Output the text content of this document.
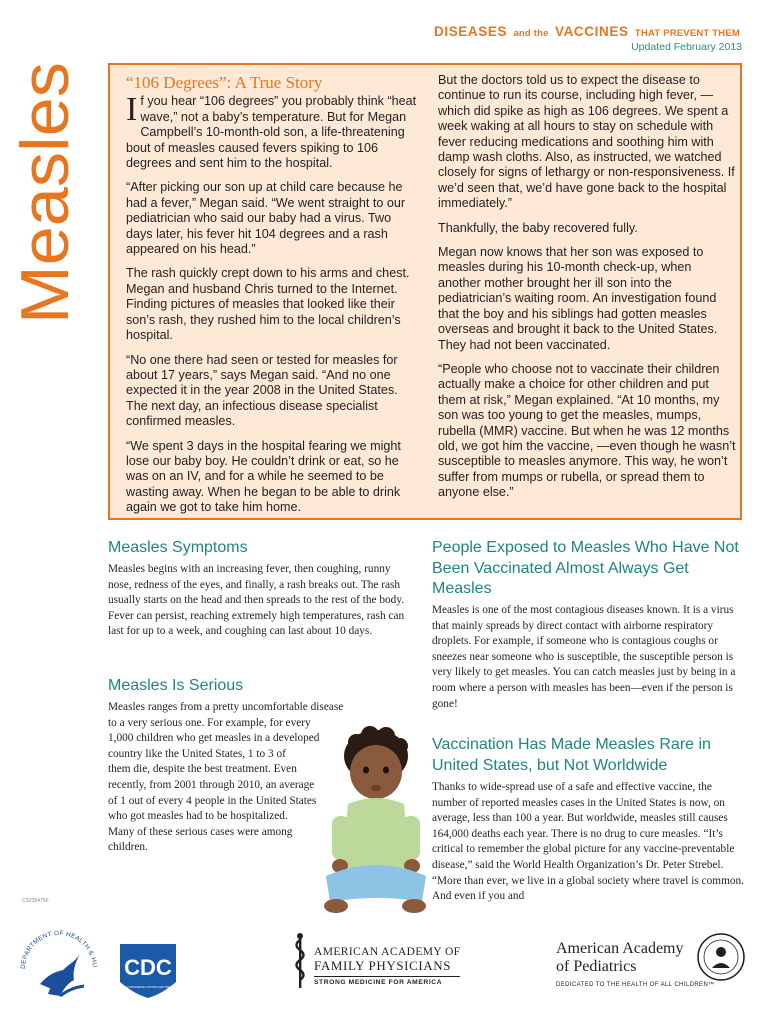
DISEASES and the VACCINES THAT PREVENT THEM
Updated February 2013
Measles	“106 Degrees”: A True Story

If you hear “106 degrees” you probably think “heat wave,” not a baby’s temperature. But for Megan Campbell’s 10-month-old son, a life-threatening bout of measles caused fevers spiking to 106 degrees and sent him to the hospital.

“After picking our son up at child care because he had a fever,” Megan said. “We went straight to our pediatrician who said our baby had a virus. Two days later, his fever hit 104 degrees and a rash appeared on his head.”

The rash quickly crept down to his arms and chest. Megan and husband Chris turned to the Internet. Finding pictures of measles that looked like their son’s rash, they rushed him to the local children’s hospital.

“No one there had seen or tested for measles for about 17 years,” says Megan said. “And no one expected it in the year 2008 in the United States. The next day, an infectious disease specialist confirmed measles.

“We spent 3 days in the hospital fearing we might lose our baby boy. He couldn’t drink or eat, so he was on an IV, and for a while he seemed to be wasting away. When he began to be able to drink again we got to take him home.

But the doctors told us to expect the disease to continue to run its course, including high fever, —which did spike as high as 106 degrees. We spent a week waking at all hours to stay on schedule with fever reducing medications and soothing him with damp wash cloths. Also, as instructed, we watched closely for signs of lethargy or non-responsiveness. If we’d seen that, we’d have gone back to the hospital immediately.”

Thankfully, the baby recovered fully.

Megan now knows that her son was exposed to measles during his 10-month check-up, when another mother brought her ill son into the pediatrician’s waiting room. An investigation found that the boy and his siblings had gotten measles overseas and brought it back to the United States. They had not been vaccinated.

“People who choose not to vaccinate their children actually make a choice for other children and put them at risk,” Megan explained. “At 10 months, my son was too young to get the measles, mumps, rubella (MMR) vaccine. But when he was 12 months old, we got him the vaccine, —even though he wasn’t susceptible to measles anymore. This way, he won’t suffer from mumps or rubella, or spread them to anyone else.”

Measles Symptoms

Measles begins with an increasing fever, then coughing, runny nose, redness of the eyes, and finally, a rash breaks out. The rash usually starts on the head and then spreads to the rest of the body. Fever can persist, reaching extremely high temperatures, rash can last for up to a week, and coughing can last about 10 days.

Measles Is Serious

Measles ranges from a pretty uncomfortable disease

to a very serious one. For example, for every

1,000 children who get measles in a developed

country like the United States, 1 to 3 of

them die, despite the best treatment. Even

recently, from 2001 through 2010, an average

of 1 out of every 4 people in the United States

who got measles had to be hospitalized.

Many of these serious cases were among

children.

People Exposed to Measles Who Have Not Been Vaccinated Almost Always Get Measles

Measles is one of the most contagious diseases known. It is a virus that mainly spreads by direct contact with airborne respiratory droplets. For example, if someone who is contagious coughs or sneezes near someone who is susceptible, the susceptible person is very likely to get measles. You can catch measles just by being in a room where a person with measles has been—even if the person is gone!

Vaccination Has Made Measles Rare in United States, but Not Worldwide

Thanks to wide-spread use of a safe and effective vaccine, the number of reported measles cases in the United States is now, on average, less than 100 a year. But worldwide, measles still causes 164,000 deaths each year. There is no drug to cure measles. “It’s critical to remember the global picture for any vaccine-preventable disease,” said the World Health Organization’s Dr. Peter Strebel. “More than ever, we live in a global society where travel is common. And even if you and

CS235475F
DEPARTMENT OF HEALTH & HU CDC
CENTERS FOR DISEASE CONTROL AND PREVENTION
AMERICAN ACADEMY OF
FAMILY PHYSICIANS
STRONG MEDICINE FOR AMERICA
American Academy
of Pediatrics
DEDICATED TO THE HEALTH OF ALL CHILDREN™
